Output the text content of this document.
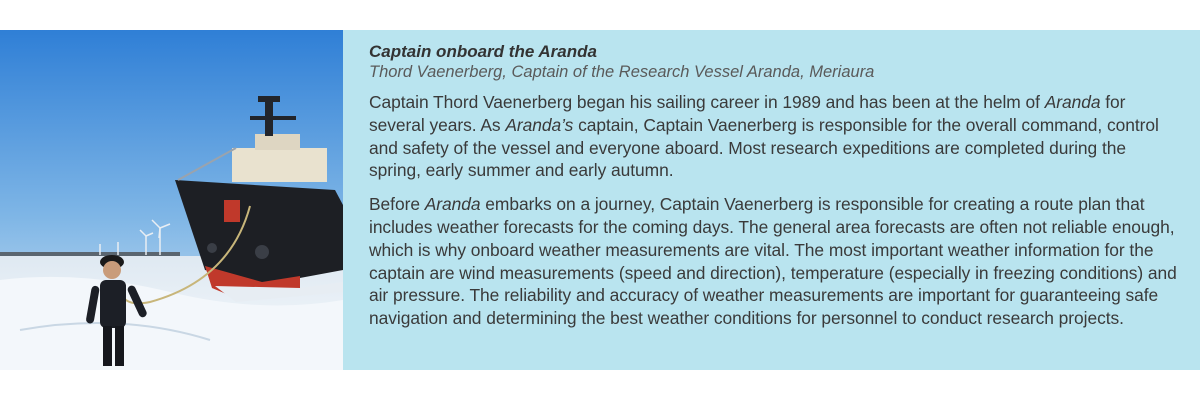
Captain onboard the Aranda

Thord Vaenerberg, Captain of the Research Vessel Aranda, Meriaura

Captain Thord Vaenerberg began his sailing career in 1989 and has been at the helm of Aranda for several years. As Aranda’s captain, Captain Vaenerberg is responsible for the overall command, control and safety of the vessel and everyone aboard. Most research expeditions are completed during the spring, early summer and early autumn.

Before Aranda embarks on a journey, Captain Vaenerberg is responsible for creating a route plan that includes weather forecasts for the coming days. The general area forecasts are often not reliable enough, which is why onboard weather measurements are vital. The most important weather information for the captain are wind measurements (speed and direction), temperature (especially in freezing conditions) and air pressure. The reliability and accuracy of weather measurements are important for guaranteeing safe navigation and determining the best weather conditions for personnel to conduct research projects.
